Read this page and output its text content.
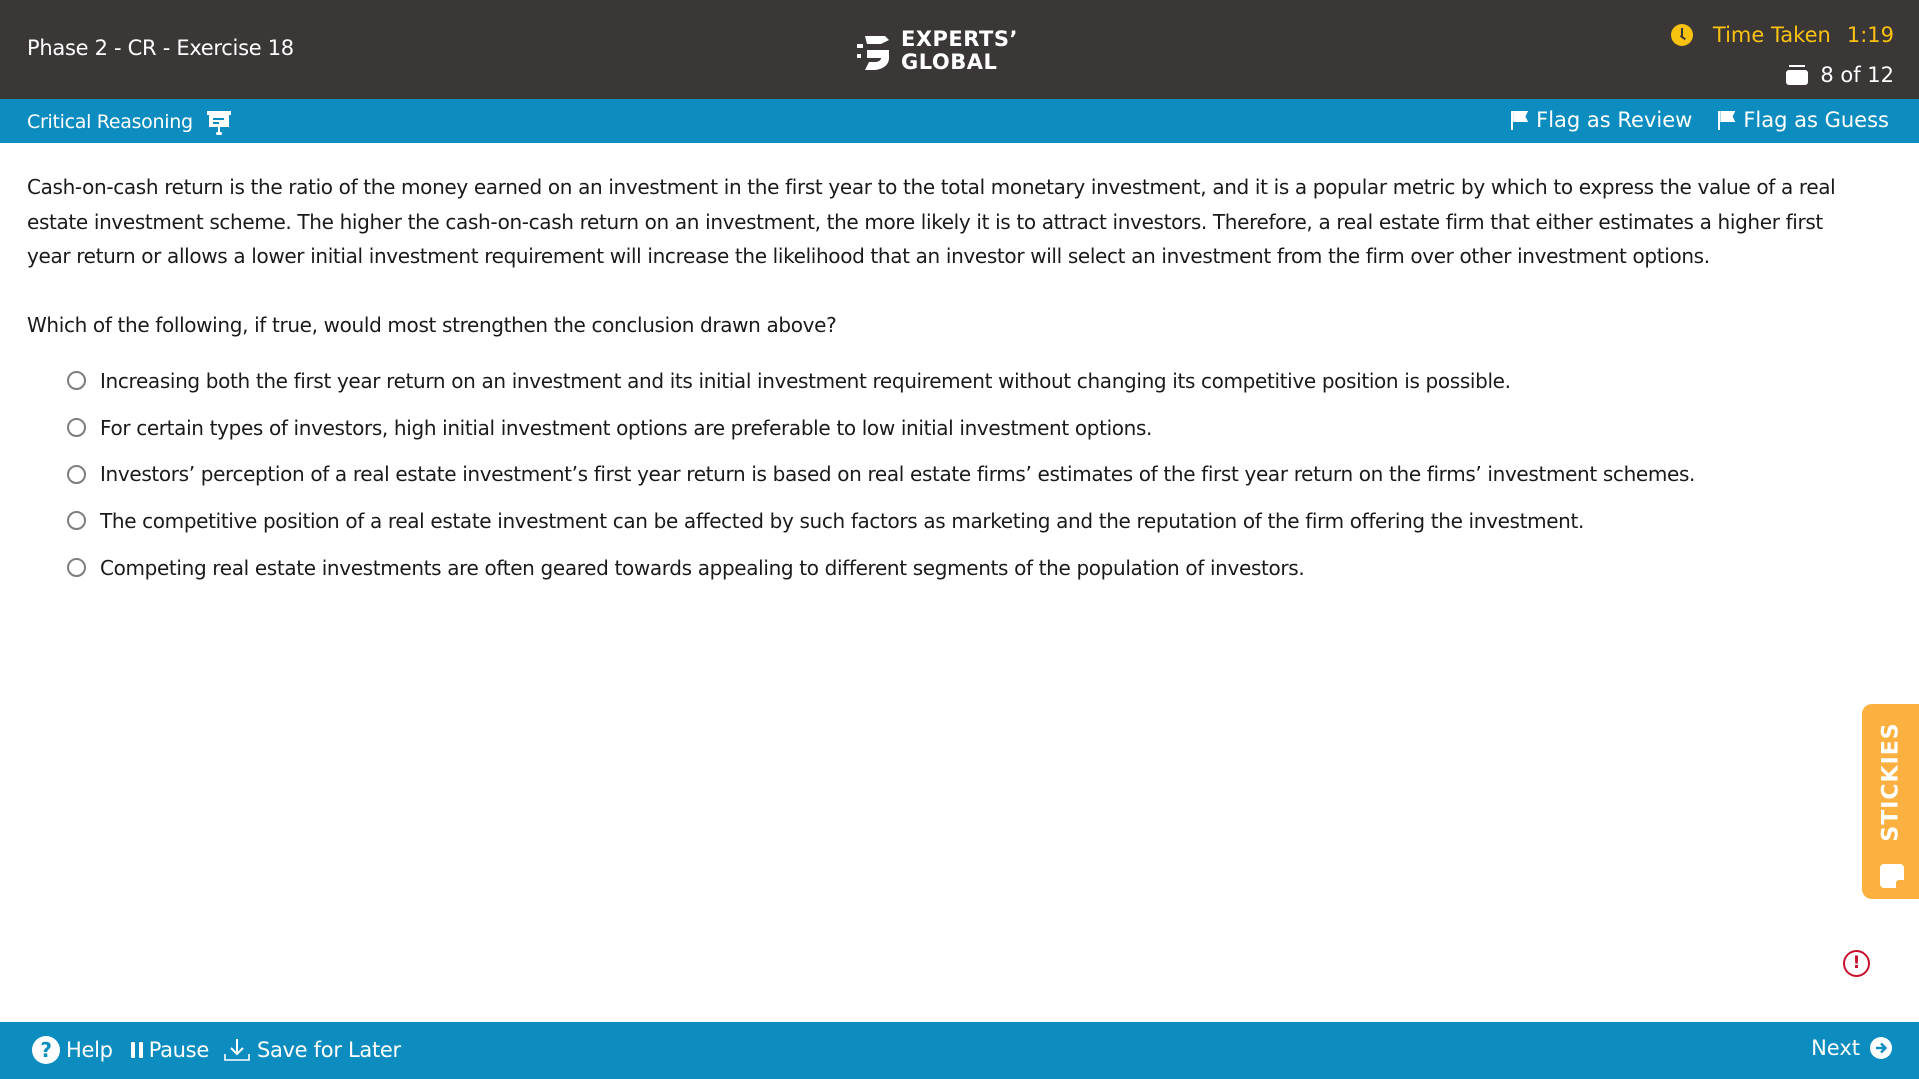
Phase 2 - CR - Exercise 18	EXPERTS’
GLOBAL
Time Taken 1:19
8 of 12
Critical Reasoning	Flag as Review Flag as Guess

Cash-on-cash return is the ratio of the money earned on an investment in the first year to the total monetary investment, and it is a popular metric by which to express the value of a real estate investment scheme. The higher the cash-on-cash return on an investment, the more likely it is to attract investors. Therefore, a real estate firm that either estimates a higher first year return or allows a lower initial investment requirement will increase the likelihood that an investor will select an investment from the firm over other investment options.

Which of the following, if true, would most strengthen the conclusion drawn above?

Increasing both the first year return on an investment and its initial investment requirement without changing its competitive position is possible.
For certain types of investors, high initial investment options are preferable to low initial investment options.
Investors’ perception of a real estate investment’s first year return is based on real estate firms’ estimates of the first year return on the firms’ investment schemes.
The competitive position of a real estate investment can be affected by such factors as marketing and the reputation of the firm offering the investment.
Competing real estate investments are often geared towards appealing to different segments of the population of investors.
STICKIES
!
? Help Pause Save for Later	Next
